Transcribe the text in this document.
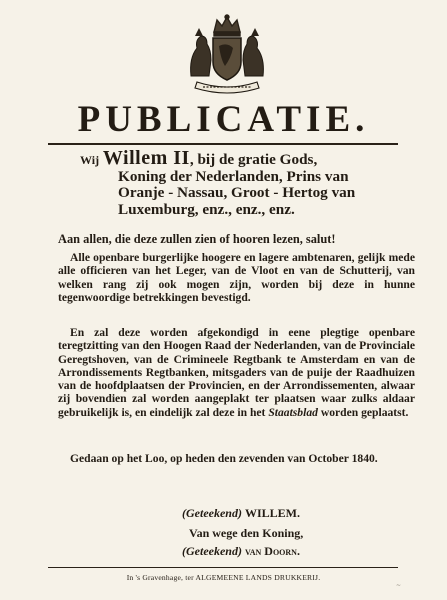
PUBLICATIE.
Wij Willem II, bij de gratie Gods,
Koning der Nederlanden, Prins van
Oranje - Nassau, Groot - Hertog van
Luxemburg, enz., enz., enz.
Aan allen, die deze zullen zien of hooren lezen, salut!
Alle openbare burgerlijke hoogere en lagere ambtenaren, gelijk mede alle officieren van het Leger, van de Vloot en van de Schutterij, van welken rang zij ook mogen zijn, worden bij deze in hunne tegenwoordige betrekkingen bevestigd.
En zal deze worden afgekondigd in eene plegtige openbare teregtzitting van den Hoogen Raad der Nederlanden, van de Provinciale Geregtshoven, van de Crimineele Regtbank te Amsterdam en van de Arrondissements Regtbanken, mitsgaders van de puije der Raadhuizen van de hoofdplaatsen der Provincien, en der Arrondissementen, alwaar zij bovendien zal worden aangeplakt ter plaatsen waar zulks aldaar gebruikelijk is, en eindelijk zal deze in het Staatsblad worden geplaatst.
Gedaan op het Loo, op heden den zevenden van October 1840.
(Geteekend) WILLEM.
Van wege den Koning,
(Geteekend) van Doorn.
In 's Gravenhage, ter ALGEMEENE LANDS DRUKKERIJ.
~
